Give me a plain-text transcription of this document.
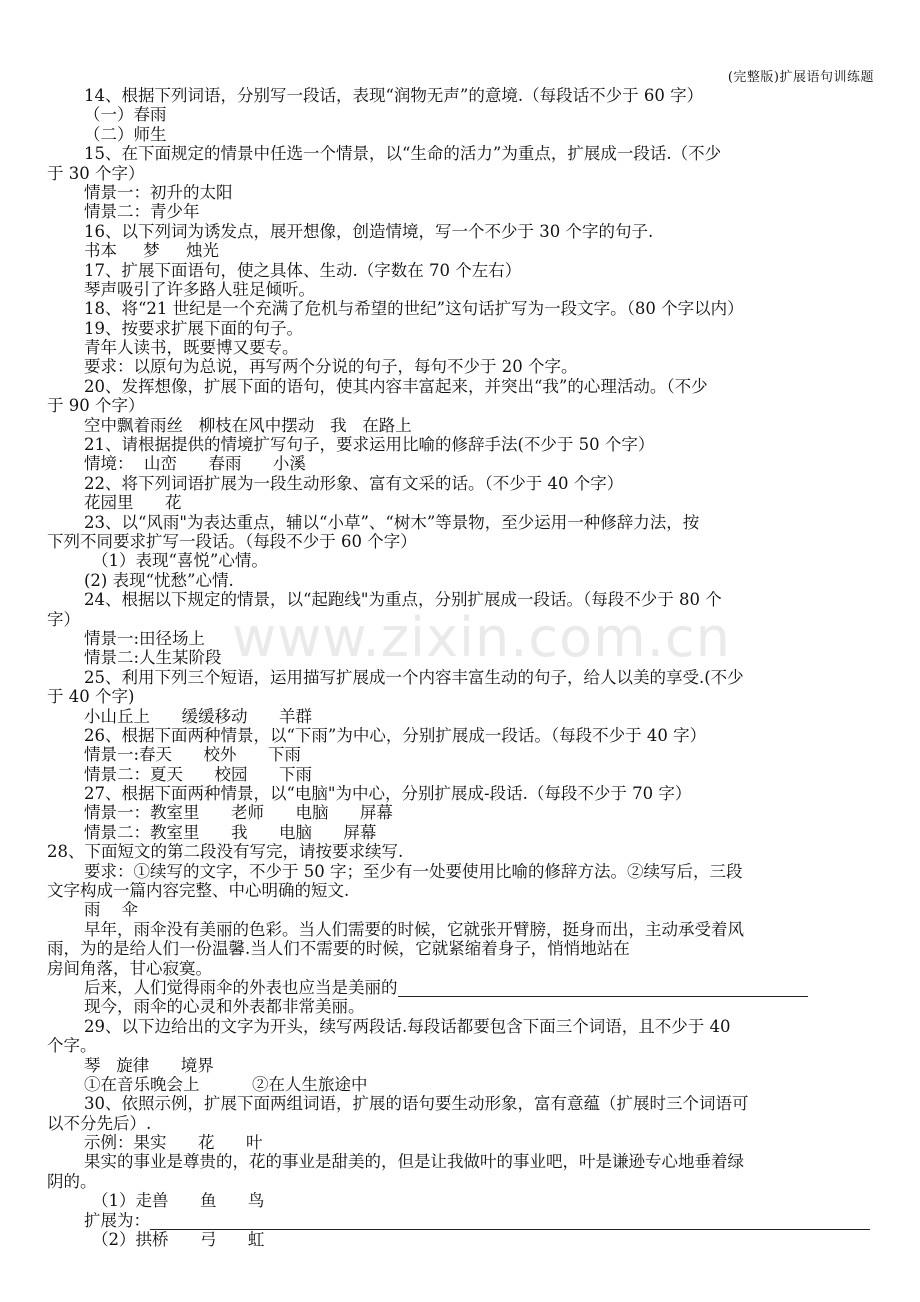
(完整版)扩展语句训练题
14、根据下列词语，分别写一段话，表现“润物无声”的意境.（每段话不少于 60 字）
（一）春雨
（二）师生
15、在下面规定的情景中任选一个情景，以“生命的活力”为重点，扩展成一段话.（不少
于 30 个字）
情景一：初升的太阳
情景二：青少年
16、以下列词为诱发点，展开想像，创造情境，写一个不少于 30 个字的句子.
书本     梦     烛光
17、扩展下面语句，使之具体、生动.（字数在 70 个左右）
琴声吸引了许多路人驻足倾听。
18、将“21 世纪是一个充满了危机与希望的世纪”这句话扩写为一段文字。（80 个字以内）
19、按要求扩展下面的句子。
青年人读书，既要博又要专。
要求：以原句为总说，再写两个分说的句子，每句不少于 20 个字。
20、发挥想像，扩展下面的语句，使其内容丰富起来，并突出“我”的心理活动。（不少
于 90 个字）
空中飘着雨丝   柳枝在风中摆动   我   在路上
21、请根据提供的情境扩写句子，要求运用比喻的修辞手法(不少于 50 个字）
情境：  山峦      春雨      小溪
22、将下列词语扩展为一段生动形象、富有文采的话。（不少于 40 个字）
花园里      花
23、以“风雨"为表达重点，辅以“小草”、“树木”等景物，至少运用一种修辞力法，按
下列不同要求扩写一段话。（每段不少于 60 个字）
（1）表现“喜悦”心情。
(2) 表现“忧愁”心情.
24、根据以下规定的情景，以“起跑线"为重点，分别扩展成一段话。（每段不少于 80 个
字）
情景一:田径场上
情景二:人生某阶段
25、利用下列三个短语，运用描写扩展成一个内容丰富生动的句子，给人以美的享受.(不少
于 40 个字)
小山丘上      缓缓移动      羊群
26、根据下面两种情景，以“下雨”为中心，分别扩展成一段话。（每段不少于 40 字）
情景一:春天      校外      下雨
情景二：夏天      校园      下雨
27、根据下面两种情景，以“电脑"为中心，分别扩展成-段话.（每段不少于 70 字）
情景一：教室里      老师      电脑      屏幕
情景二：教室里      我      电脑      屏幕
28、下面短文的第二段没有写完，请按要求续写.
要求：①续写的文字，不少于 50 字；至少有一处要使用比喻的修辞方法。②续写后，三段
文字构成一篇内容完整、中心明确的短文.
雨    伞
早年，雨伞没有美丽的色彩。当人们需要的时候，它就张开臂膀，挺身而出，主动承受着风
雨，为的是给人们一份温馨.当人们不需要的时候，它就紧缩着身子，悄悄地站在
房间角落，甘心寂寞。
后来，人们觉得雨伞的外表也应当是美丽的
现今，雨伞的心灵和外表都非常美丽。
29、以下边给出的文字为开头，续写两段话.每段话都要包含下面三个词语，且不少于 40
个字。
琴   旋律      境界
①在音乐晚会上          ②在人生旅途中
30、依照示例，扩展下面两组词语，扩展的语句要生动形象，富有意蕴（扩展时三个词语可
以不分先后）.
示例：果实      花      叶
果实的事业是尊贵的，花的事业是甜美的，但是让我做叶的事业吧，叶是谦逊专心地垂着绿
阴的。
（1）走兽      鱼      鸟
扩展为：
（2）拱桥      弓      虹
www.zixin.com.cn
